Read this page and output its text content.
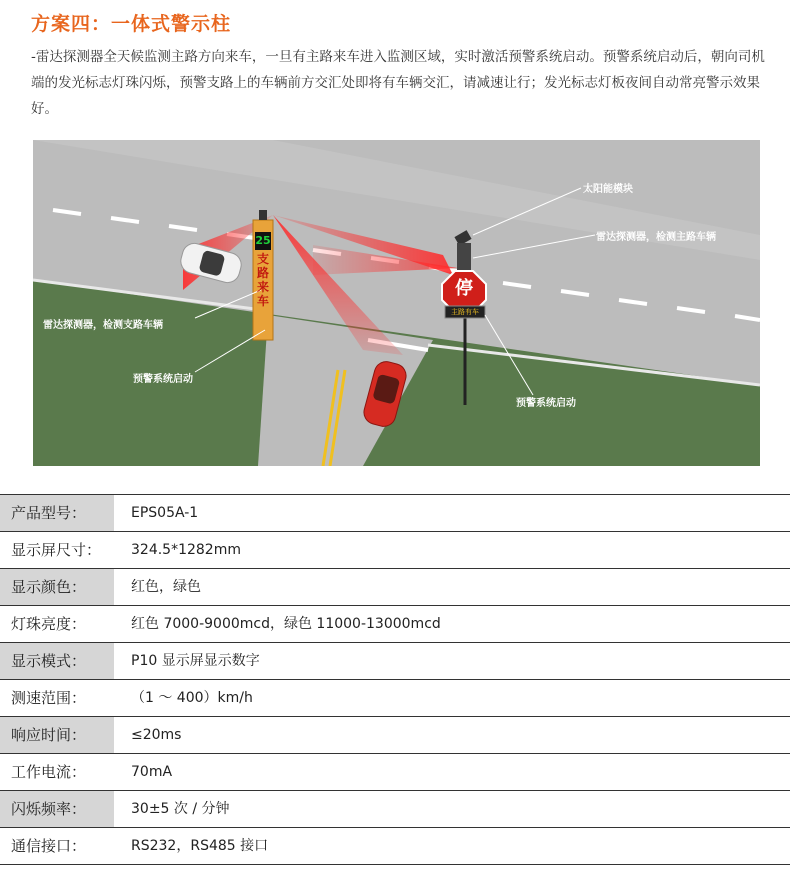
方案四：一体式警示柱
-雷达探测器全天候监测主路方向来车，一旦有主路来车进入监测区域，实时激活预警系统启动。预警系统启动后，朝向司机端的发光标志灯珠闪烁，预警支路上的车辆前方交汇处即将有车辆交汇，请减速让行；发光标志灯板夜间自动常亮警示效果好。
25
支
路
来
车
停
主路有车
太阳能模块
雷达探测器，检测主路车辆
雷达探测器，检测支路车辆
预警系统启动
预警系统启动
产品型号：	EPS05A-1
显示屏尺寸：	324.5*1282mm
显示颜色：	红色，绿色
灯珠亮度：	红色 7000-9000mcd，绿色 11000-13000mcd
显示模式：	P10 显示屏显示数字
测速范围：	（1 ～ 400）km/h
响应时间：	≤20ms
工作电流：	70mA
闪烁频率：	30±5 次 / 分钟
通信接口：	RS232，RS485 接口
